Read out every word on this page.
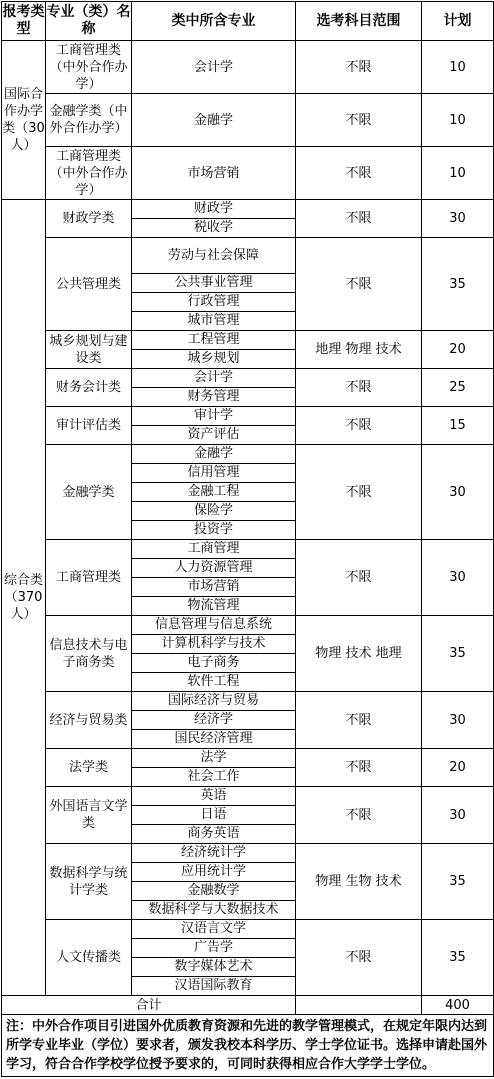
报考类型	专业（类）名称	类中所含专业	选考科目范围	计划
国际合作办学类（30人）	工商管理类（中外合作办学）	会计学	不限	10
	金融学类（中外合作办学）	金融学	不限	10
	工商管理类（中外合作办学）	市场营销	不限	10
综合类（370人）	财政学类	财政学	不限	30
		税收学		
	公共管理类	劳动与社会保障	不限	35
		公共事业管理		
		行政管理		
		城市管理		
	城乡规划与建设类	工程管理	地理 物理 技术	20
		城乡规划		
	财务会计类	会计学	不限	25
		财务管理		
	审计评估类	审计学	不限	15
		资产评估		
	金融学类	金融学	不限	30
		信用管理		
		金融工程		
		保险学		
		投资学		
	工商管理类	工商管理	不限	30
		人力资源管理		
		市场营销		
		物流管理		
	信息技术与电子商务类	信息管理与信息系统	物理 技术 地理	35
		计算机科学与技术		
		电子商务		
		软件工程		
	经济与贸易类	国际经济与贸易	不限	30
		经济学		
		国民经济管理		
	法学类	法学	不限	20
		社会工作		
	外国语言文学类	英语	不限	30
		日语		
		商务英语		
	数据科学与统计学类	经济统计学	物理 生物 技术	35
		应用统计学		
		金融数学		
		数据科学与大数据技术		
	人文传播类	汉语言文学	不限	35
		广告学		
		数字媒体艺术		
		汉语国际教育		
合计				400
注：中外合作项目引进国外优质教育资源和先进的教学管理模式，在规定年限内达到所学专业毕业（学位）要求者，颁发我校本科学历、学士学位证书。选择申请赴国外学习，符合合作学校学位授予要求的，可同时获得相应合作大学学士学位。				
